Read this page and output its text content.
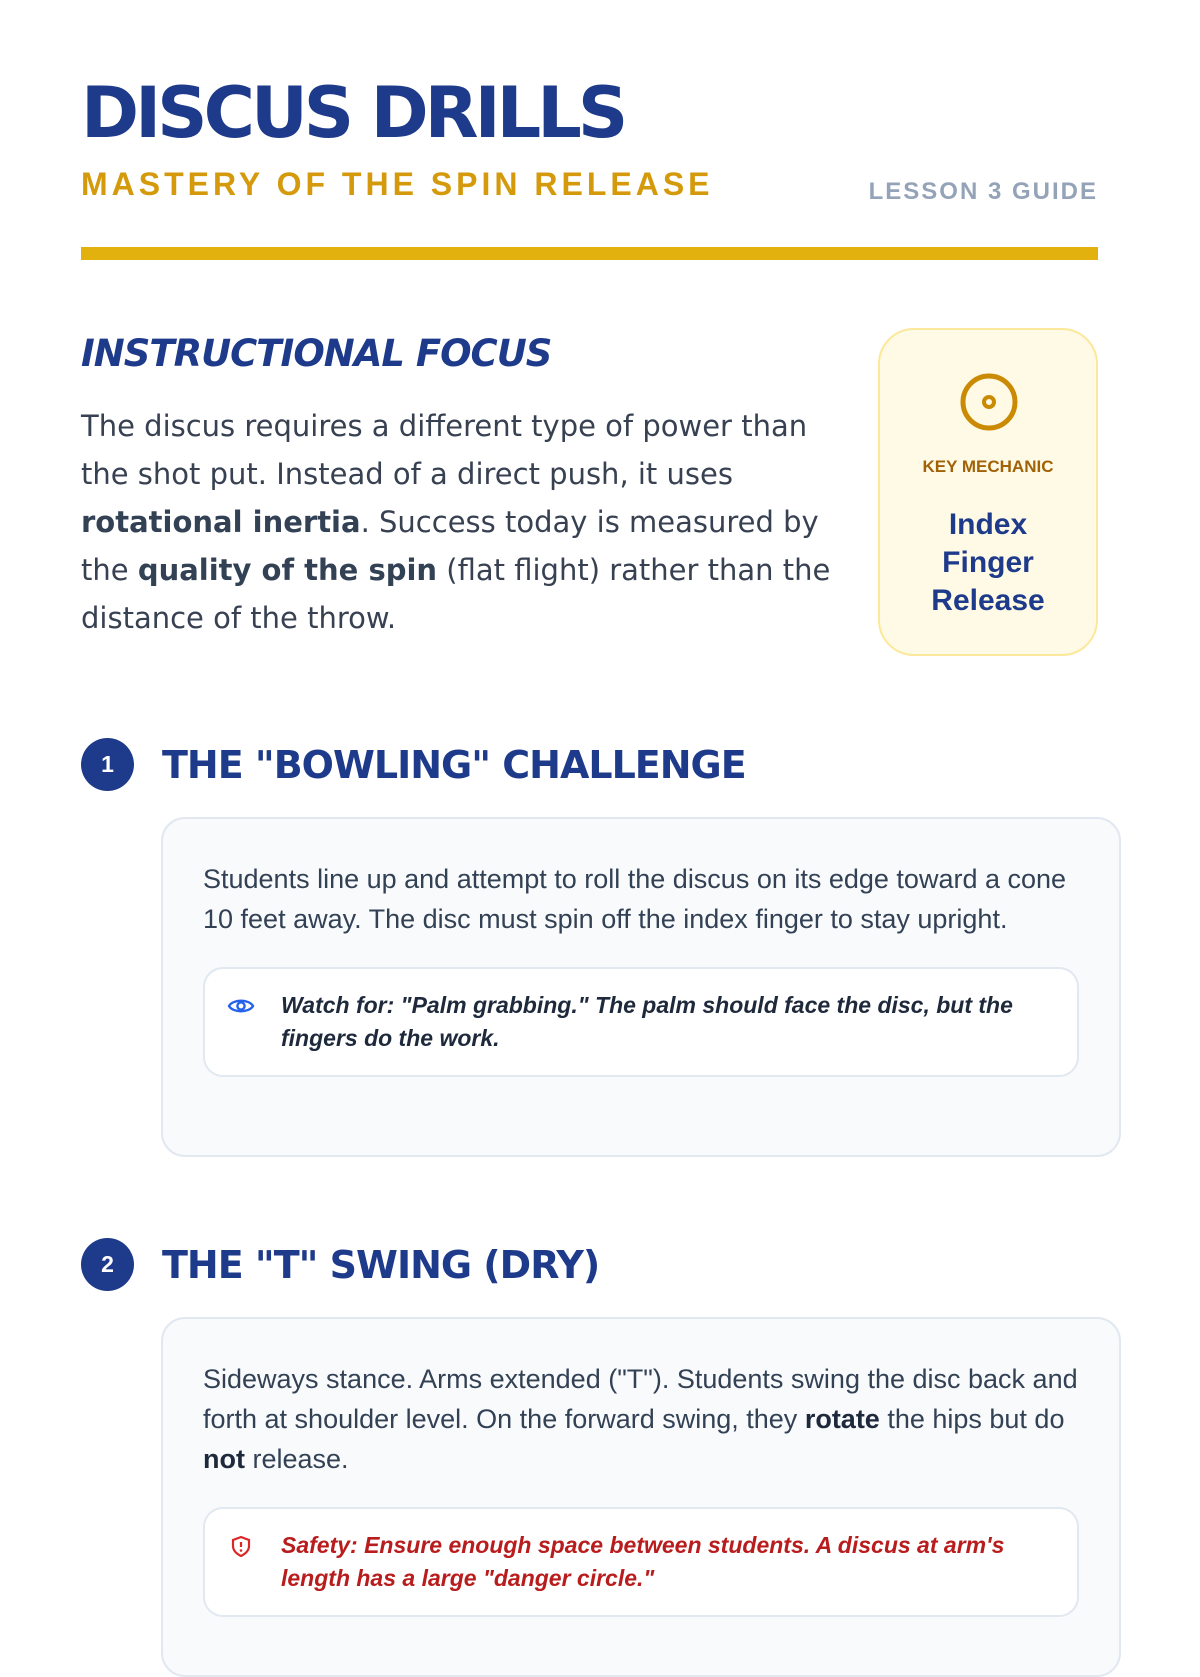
DISCUS DRILLS
MASTERY OF THE SPIN RELEASE	LESSON 3 GUIDE
INSTRUCTIONAL FOCUS

The discus requires a different type of power than the shot put. Instead of a direct push, it uses rotational inertia. Success today is measured by the quality of the spin (flat flight) rather than the distance of the throw.

KEY MECHANIC
Index Finger Release
1	THE "BOWLING" CHALLENGE

Students line up and attempt to roll the discus on its edge toward a cone 10 feet away. The disc must spin off the index finger to stay upright.

Watch for: "Palm grabbing." The palm should face the disc, but the fingers do the work.
2	THE "T" SWING (DRY)

Sideways stance. Arms extended ("T"). Students swing the disc back and forth at shoulder level. On the forward swing, they rotate the hips but do not release.

Safety: Ensure enough space between students. A discus at arm's length has a large "danger circle."
